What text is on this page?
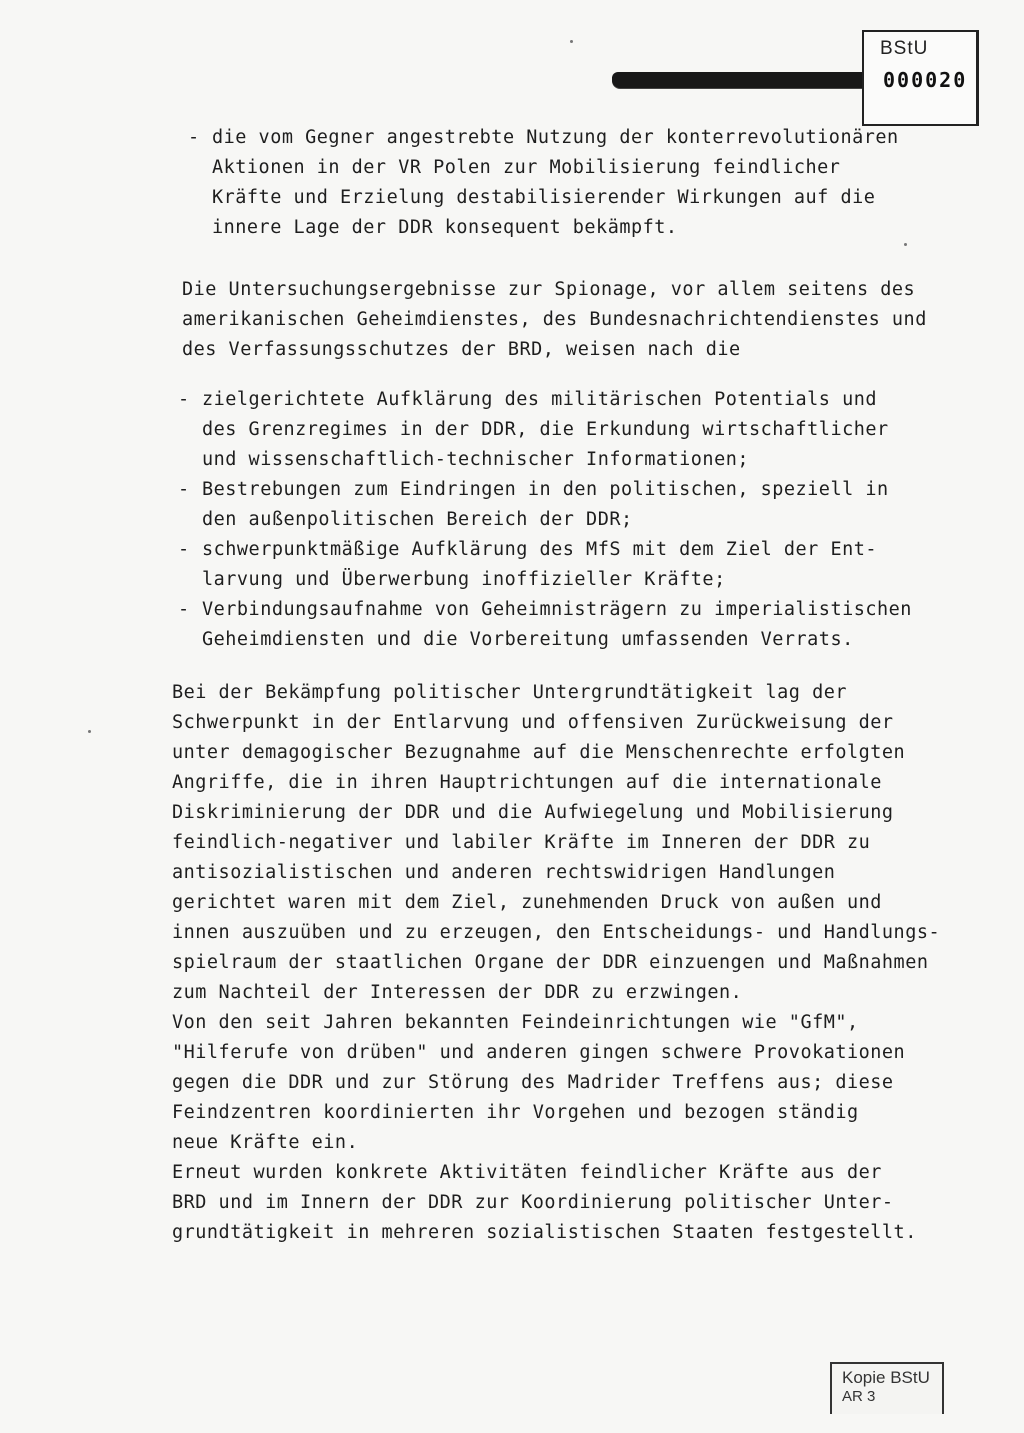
BStU
000020
- die vom Gegner angestrebte Nutzung der konterrevolutionären
Aktionen in der VR Polen zur Mobilisierung feindlicher
Kräfte und Erzielung destabilisierender Wirkungen auf die
innere Lage der DDR konsequent bekämpft.
Die Untersuchungsergebnisse zur Spionage, vor allem seitens des
amerikanischen Geheimdienstes, des Bundesnachrichtendienstes und
des Verfassungsschutzes der BRD, weisen nach die
- zielgerichtete Aufklärung des militärischen Potentials und
des Grenzregimes in der DDR, die Erkundung wirtschaftlicher
und wissenschaftlich-technischer Informationen;
- Bestrebungen zum Eindringen in den politischen, speziell in
den außenpolitischen Bereich der DDR;
- schwerpunktmäßige Aufklärung des MfS mit dem Ziel der Ent-
larvung und Überwerbung inoffizieller Kräfte;
- Verbindungsaufnahme von Geheimnisträgern zu imperialistischen
Geheimdiensten und die Vorbereitung umfassenden Verrats.
Bei der Bekämpfung politischer Untergrundtätigkeit lag der
Schwerpunkt in der Entlarvung und offensiven Zurückweisung der
unter demagogischer Bezugnahme auf die Menschenrechte erfolgten
Angriffe, die in ihren Hauptrichtungen auf die internationale
Diskriminierung der DDR und die Aufwiegelung und Mobilisierung
feindlich-negativer und labiler Kräfte im Inneren der DDR zu
antisozialistischen und anderen rechtswidrigen Handlungen
gerichtet waren mit dem Ziel, zunehmenden Druck von außen und
innen auszuüben und zu erzeugen, den Entscheidungs- und Handlungs-
spielraum der staatlichen Organe der DDR einzuengen und Maßnahmen
zum Nachteil der Interessen der DDR zu erzwingen.
Von den seit Jahren bekannten Feindeinrichtungen wie "GfM",
"Hilferufe von drüben" und anderen gingen schwere Provokationen
gegen die DDR und zur Störung des Madrider Treffens aus; diese
Feindzentren koordinierten ihr Vorgehen und bezogen ständig
neue Kräfte ein.
Erneut wurden konkrete Aktivitäten feindlicher Kräfte aus der
BRD und im Innern der DDR zur Koordinierung politischer Unter-
grundtätigkeit in mehreren sozialistischen Staaten festgestellt.
Kopie BStU
AR 3
